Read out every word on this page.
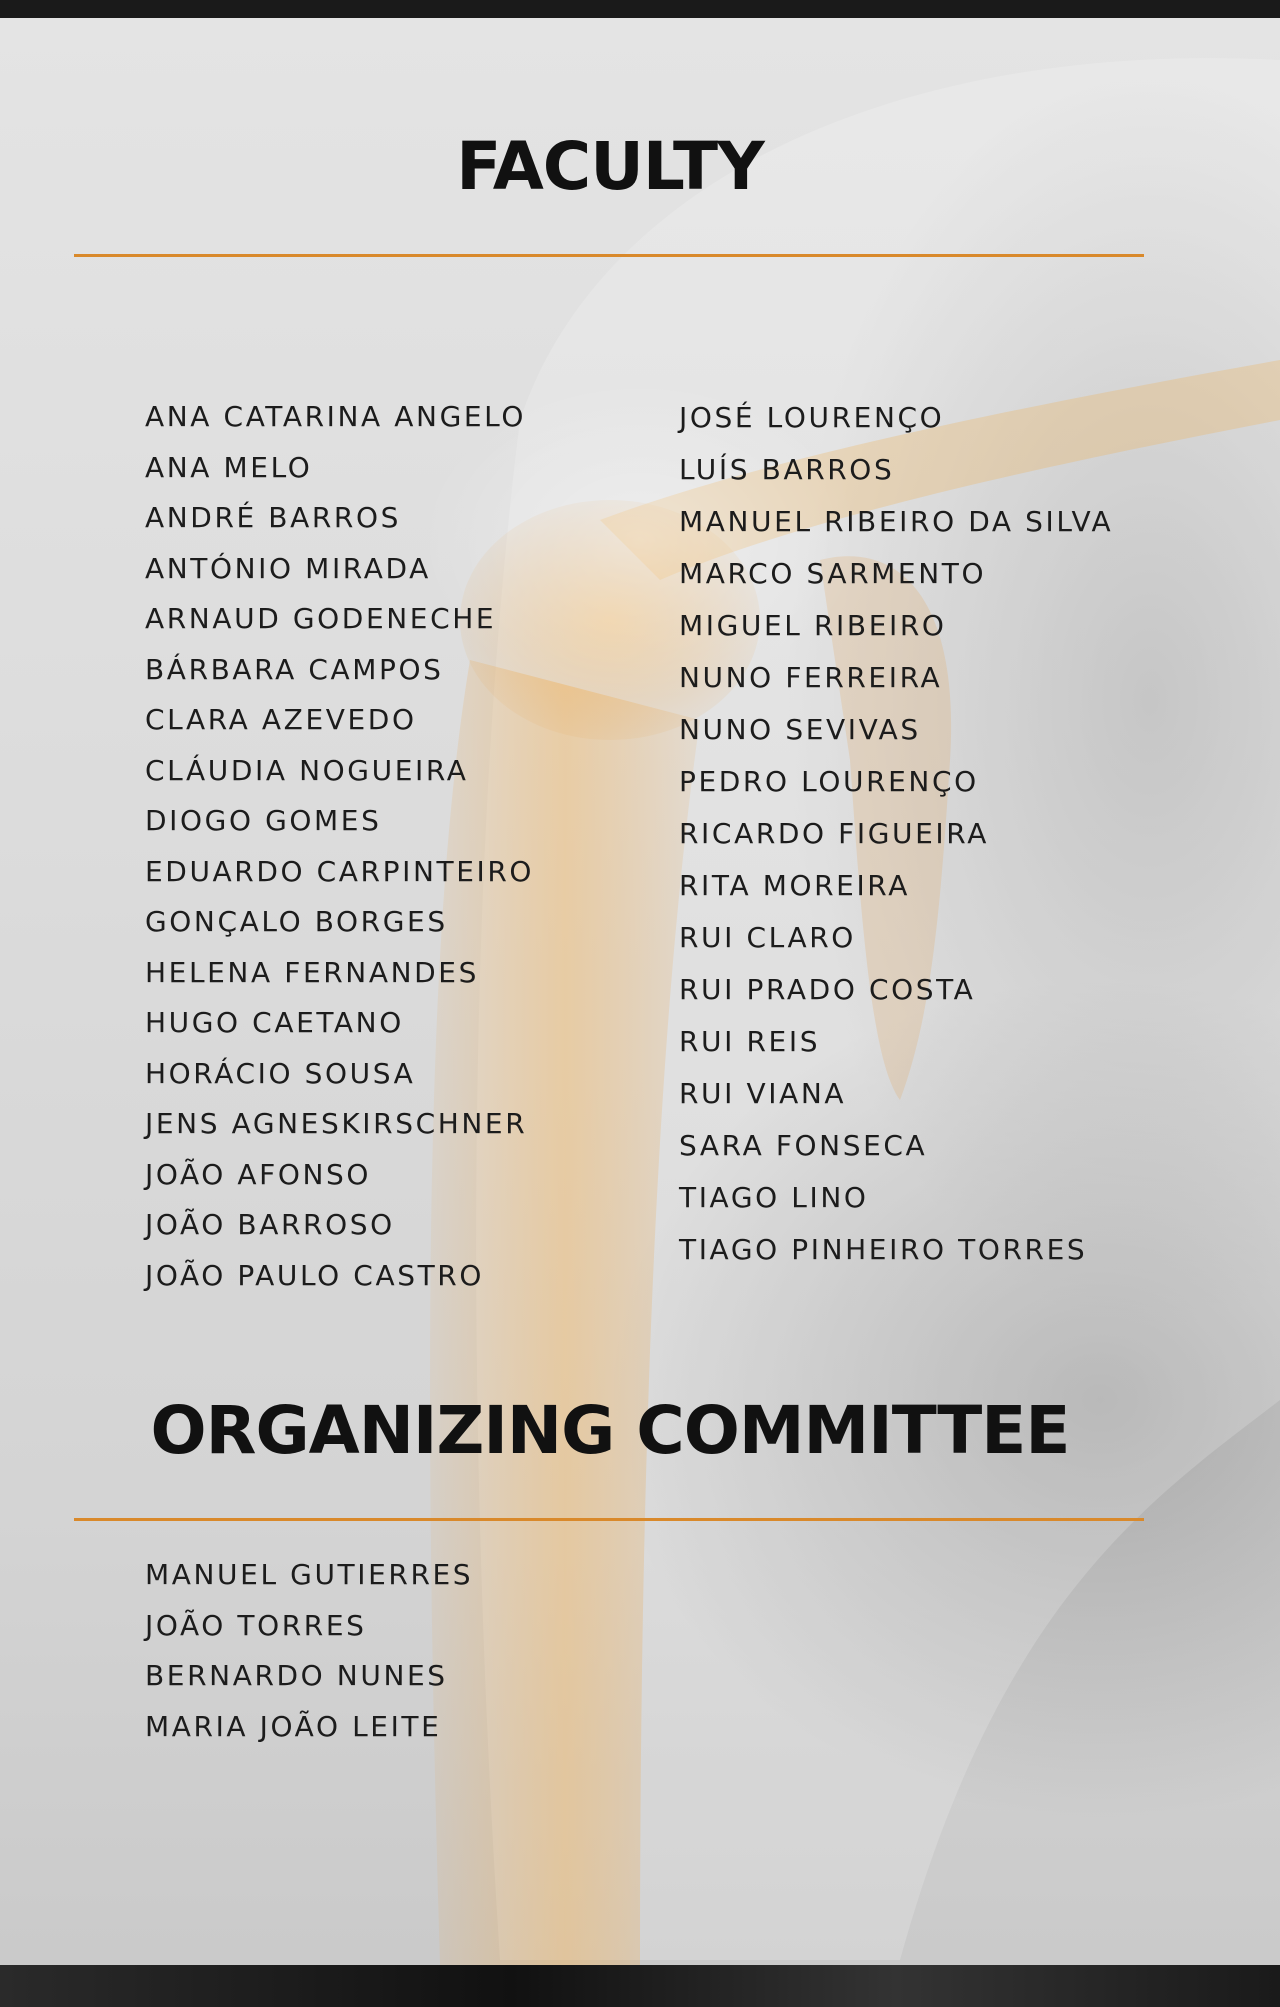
FACULTY
ANA CATARINA ANGELO
ANA MELO
ANDRÉ BARROS
ANTÓNIO MIRADA
ARNAUD GODENECHE
BÁRBARA CAMPOS
CLARA AZEVEDO
CLÁUDIA NOGUEIRA
DIOGO GOMES
EDUARDO CARPINTEIRO
GONÇALO BORGES
HELENA FERNANDES
HUGO CAETANO
HORÁCIO SOUSA
JENS AGNESKIRSCHNER
JOÃO AFONSO
JOÃO BARROSO
JOÃO PAULO CASTRO
JOSÉ LOURENÇO
LUÍS BARROS
MANUEL RIBEIRO DA SILVA
MARCO SARMENTO
MIGUEL RIBEIRO
NUNO FERREIRA
NUNO SEVIVAS
PEDRO LOURENÇO
RICARDO FIGUEIRA
RITA MOREIRA
RUI CLARO
RUI PRADO COSTA
RUI REIS
RUI VIANA
SARA FONSECA
TIAGO LINO
TIAGO PINHEIRO TORRES
ORGANIZING COMMITTEE
MANUEL GUTIERRES
JOÃO TORRES
BERNARDO NUNES
MARIA JOÃO LEITE
